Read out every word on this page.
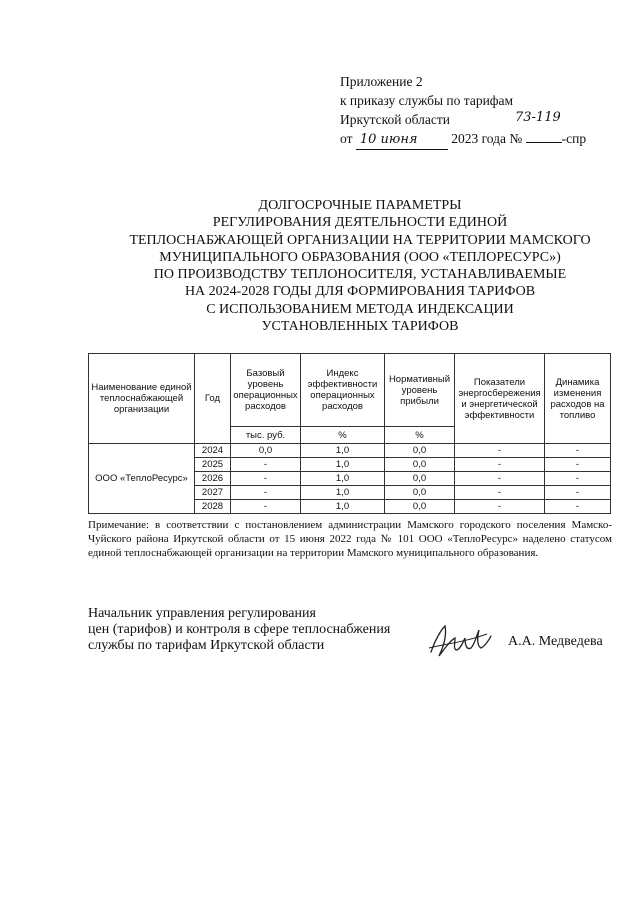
Приложение 2
к приказу службы по тарифам
Иркутской области	73-119
от 10 июня 2023 года №	-спр
ДОЛГОСРОЧНЫЕ ПАРАМЕТРЫ
РЕГУЛИРОВАНИЯ ДЕЯТЕЛЬНОСТИ ЕДИНОЙ
ТЕПЛОСНАБЖАЮЩЕЙ ОРГАНИЗАЦИИ НА ТЕРРИТОРИИ МАМСКОГО
МУНИЦИПАЛЬНОГО ОБРАЗОВАНИЯ (ООО «ТЕПЛОРЕСУРС»)
ПО ПРОИЗВОДСТВУ ТЕПЛОНОСИТЕЛЯ, УСТАНАВЛИВАЕМЫЕ
НА 2024-2028 ГОДЫ ДЛЯ ФОРМИРОВАНИЯ ТАРИФОВ
С ИСПОЛЬЗОВАНИЕМ МЕТОДА ИНДЕКСАЦИИ
УСТАНОВЛЕННЫХ ТАРИФОВ
Наименование единой теплоснабжающей организации	Год	Базовый уровень операционных расходов	Индекс эффективности операционных расходов	Нормативный уровень прибыли	Показатели энергосбережения и энергетической эффективности	Динамика изменения расходов на топливо
		тыс. руб.	%	%		
ООО «ТеплоРесурс»	2024	0,0	1,0	0,0	-	-
	2025	-	1,0	0,0	-	-
	2026	-	1,0	0,0	-	-
	2027	-	1,0	0,0	-	-
	2028	-	1,0	0,0	-	-
Примечание: в соответствии с постановлением администрации Мамского городского поселения Мамско-Чуйского района Иркутской области от 15 июня 2022 года № 101 ООО «ТеплоРесурс» наделено статусом единой теплоснабжающей организации на территории Мамского муниципального образования.
Начальник управления регулирования
цен (тарифов) и контроля в сфере теплоснабжения
службы по тарифам Иркутской области	А.А. Медведева
